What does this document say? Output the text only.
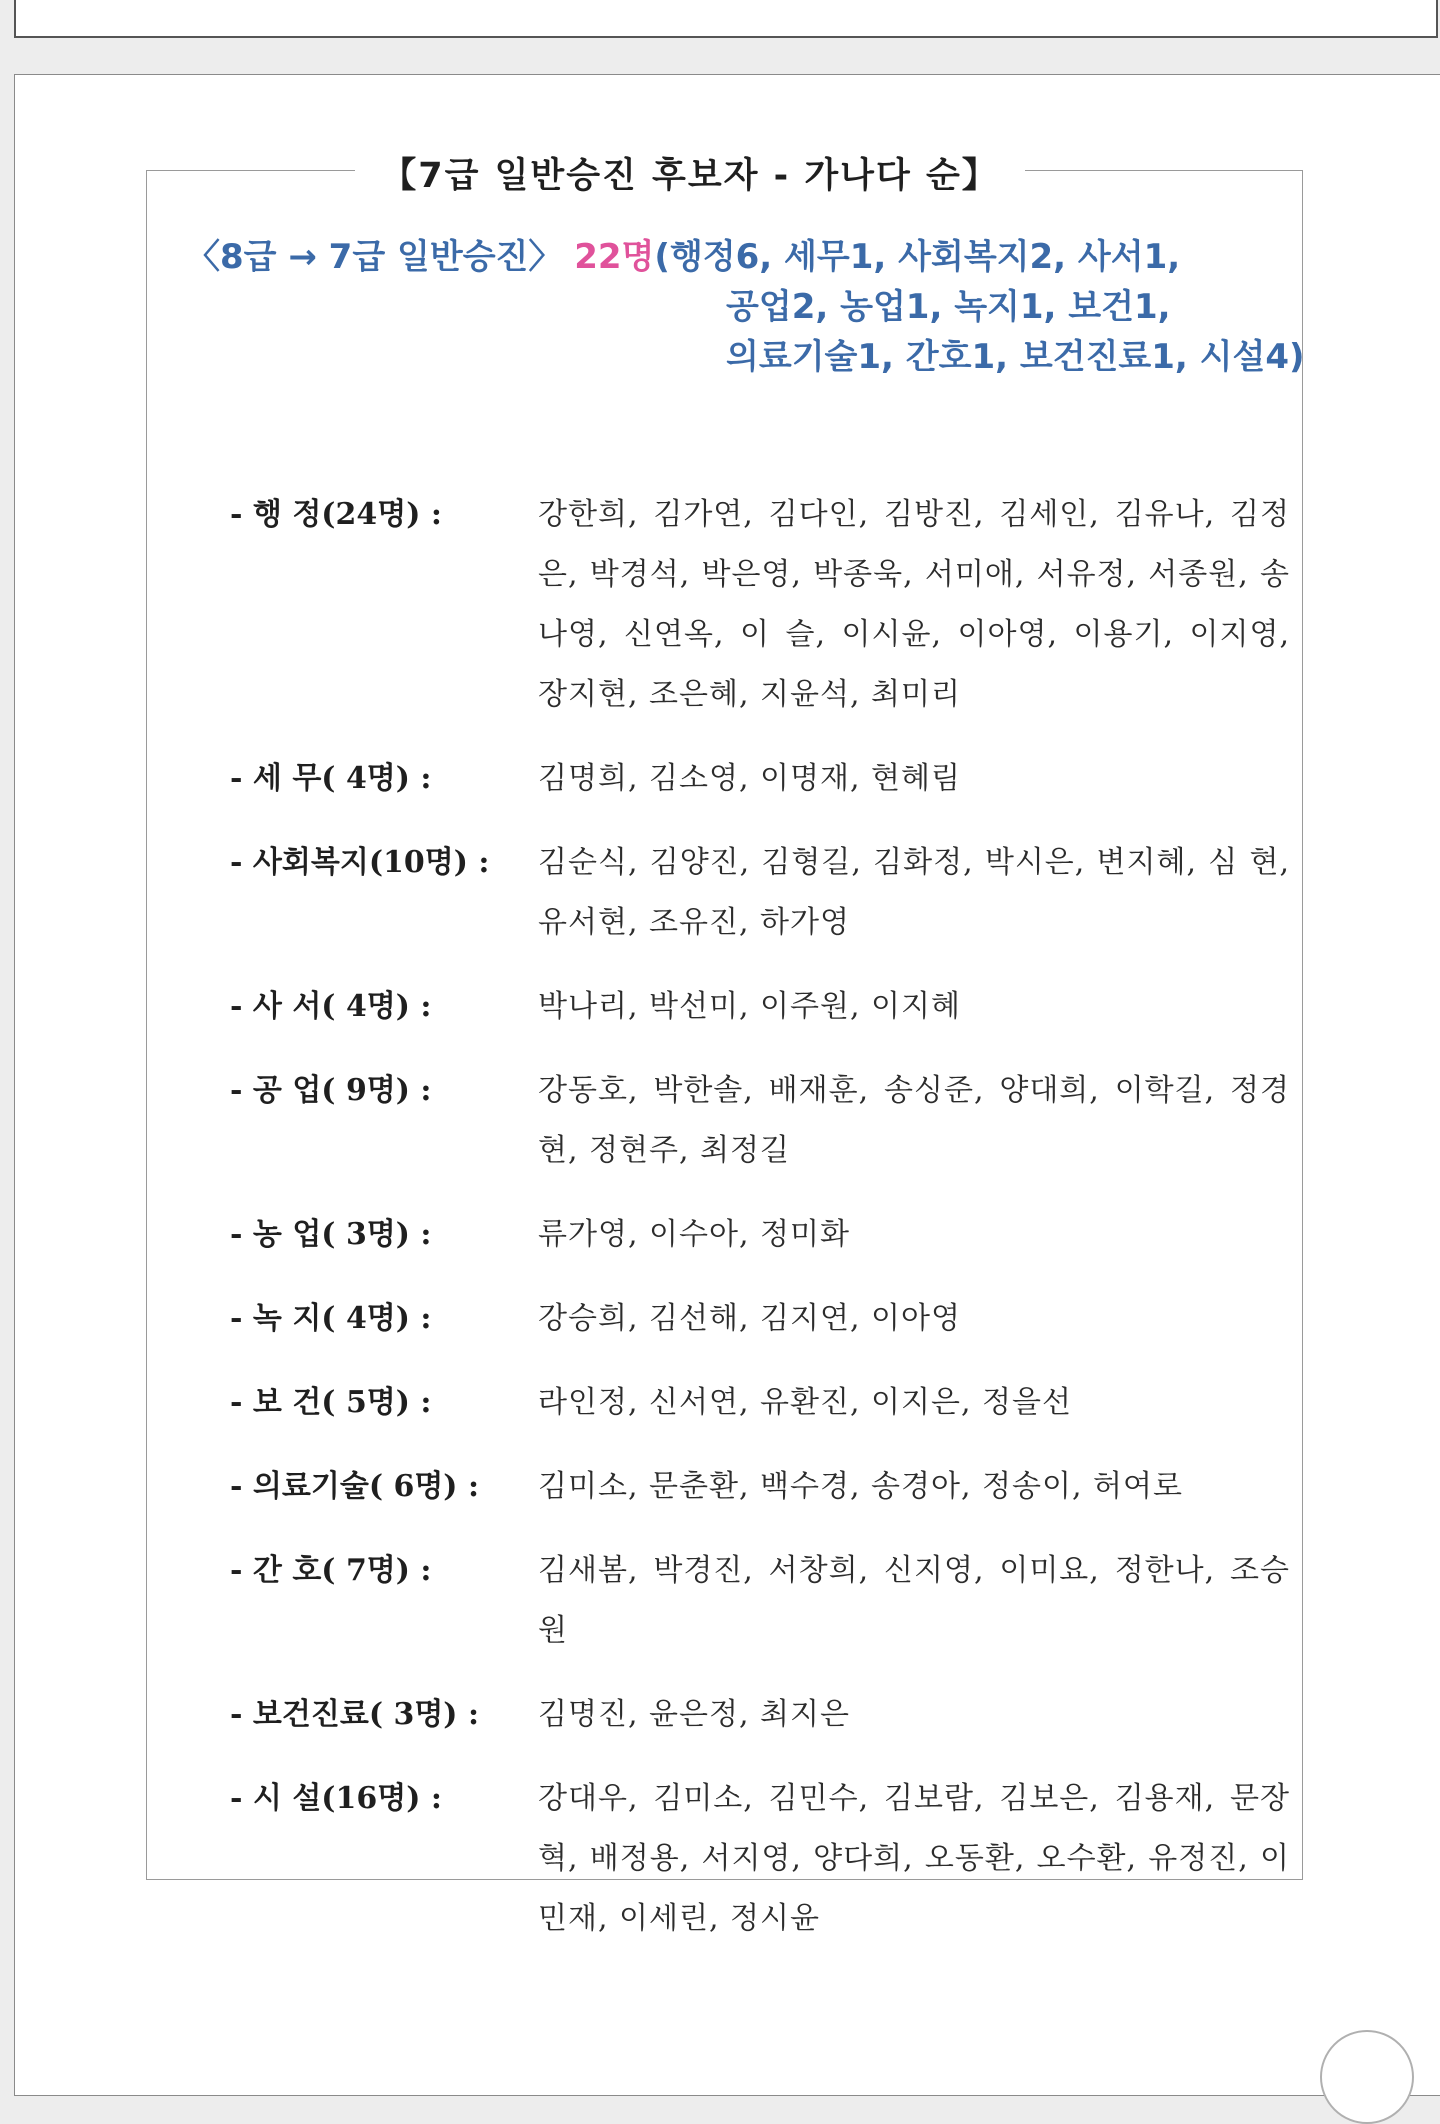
【7급 일반승진 후보자 - 가나다 순】
〈8급 → 7급 일반승진〉 22명(행정6, 세무1, 사회복지2, 사서1,
공업2, 농업1, 녹지1, 보건1,
의료기술1, 간호1, 보건진료1, 시설4)
- 행 정(24명) :	강한희, 김가연, 김다인, 김방진, 김세인, 김유나, 김정은, 박경석, 박은영, 박종욱, 서미애, 서유정, 서종원, 송나영, 신연옥, 이 슬, 이시윤, 이아영, 이용기, 이지영, 장지현, 조은혜, 지윤석, 최미리
- 세 무( 4명) :	김명희, 김소영, 이명재, 현혜림
- 사회복지(10명) :	김순식, 김양진, 김형길, 김화정, 박시은, 변지혜, 심 현, 유서현, 조유진, 하가영
- 사 서( 4명) :	박나리, 박선미, 이주원, 이지혜
- 공 업( 9명) :	강동호, 박한솔, 배재훈, 송싱준, 양대희, 이학길, 정경현, 정현주, 최정길
- 농 업( 3명) :	류가영, 이수아, 정미화
- 녹 지( 4명) :	강승희, 김선해, 김지연, 이아영
- 보 건( 5명) :	라인정, 신서연, 유환진, 이지은, 정을선
- 의료기술( 6명) :	김미소, 문춘환, 백수경, 송경아, 정송이, 허여로
- 간 호( 7명) :	김새봄, 박경진, 서창희, 신지영, 이미요, 정한나, 조승원
- 보건진료( 3명) :	김명진, 윤은정, 최지은
- 시 설(16명) :	강대우, 김미소, 김민수, 김보람, 김보은, 김용재, 문장혁, 배정용, 서지영, 양다희, 오동환, 오수환, 유정진, 이민재, 이세린, 정시윤
